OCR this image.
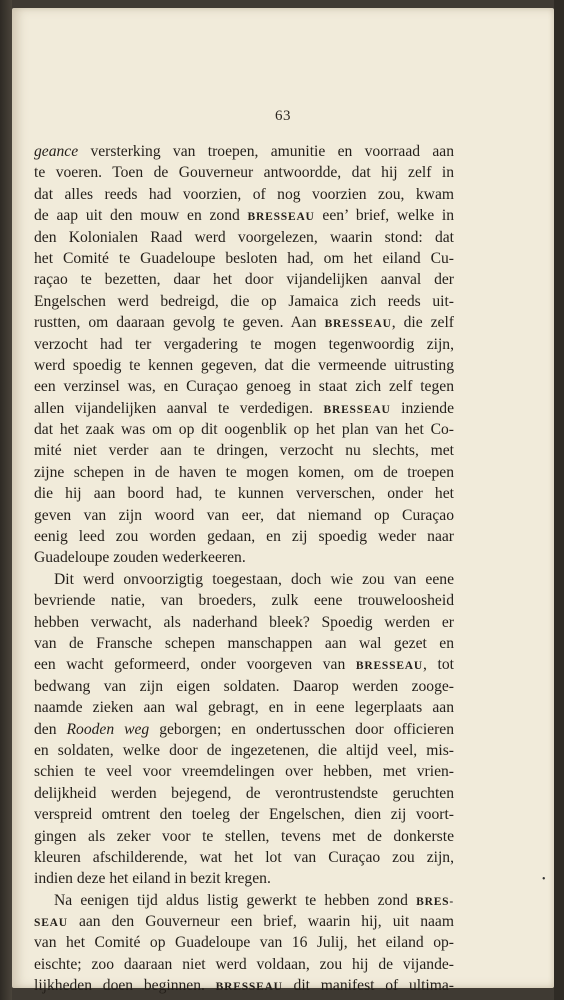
63
geance versterking van troepen, amunitie en voorraad aan
te voeren. Toen de Gouverneur antwoordde, dat hij zelf in
dat alles reeds had voorzien, of nog voorzien zou, kwam
de aap uit den mouw en zond BRESSEAU een’ brief, welke in
den Kolonialen Raad werd voorgelezen, waarin stond: dat
het Comité te Guadeloupe besloten had, om het eiland Cu-
raçao te bezetten, daar het door vijandelijken aanval der
Engelschen werd bedreigd, die op Jamaica zich reeds uit-
rustten, om daaraan gevolg te geven. Aan BRESSEAU, die zelf
verzocht had ter vergadering te mogen tegenwoordig zijn,
werd spoedig te kennen gegeven, dat die vermeende uitrusting
een verzinsel was, en Curaçao genoeg in staat zich zelf tegen
allen vijandelijken aanval te verdedigen. BRESSEAU inziende
dat het zaak was om op dit oogenblik op het plan van het Co-
mité niet verder aan te dringen, verzocht nu slechts, met
zijne schepen in de haven te mogen komen, om de troepen
die hij aan boord had, te kunnen ververschen, onder het
geven van zijn woord van eer, dat niemand op Curaçao
eenig leed zou worden gedaan, en zij spoedig weder naar
Guadeloupe zouden wederkeeren.
Dit werd onvoorzigtig toegestaan, doch wie zou van eene
bevriende natie, van broeders, zulk eene trouweloosheid
hebben verwacht, als naderhand bleek? Spoedig werden er
van de Fransche schepen manschappen aan wal gezet en
een wacht geformeerd, onder voorgeven van BRESSEAU, tot
bedwang van zijn eigen soldaten. Daarop werden zooge-
naamde zieken aan wal gebragt, en in eene legerplaats aan
den Rooden weg geborgen; en ondertusschen door officieren
en soldaten, welke door de ingezetenen, die altijd veel, mis-
schien te veel voor vreemdelingen over hebben, met vrien-
delijkheid werden bejegend, de verontrustendste geruchten
verspreid omtrent den toeleg der Engelschen, dien zij voort-
gingen als zeker voor te stellen, tevens met de donkerste
kleuren afschilderende, wat het lot van Curaçao zou zijn,
indien deze het eiland in bezit kregen.
Na eenigen tijd aldus listig gewerkt te hebben zond BRES-
SEAU aan den Gouverneur een brief, waarin hij, uit naam
van het Comité op Guadeloupe van 16 Julij, het eiland op-
eischte; zoo daaraan niet werd voldaan, zou hij de vijande-
lijkheden doen beginnen. BRESSEAU dit manifest of ultima-
•
